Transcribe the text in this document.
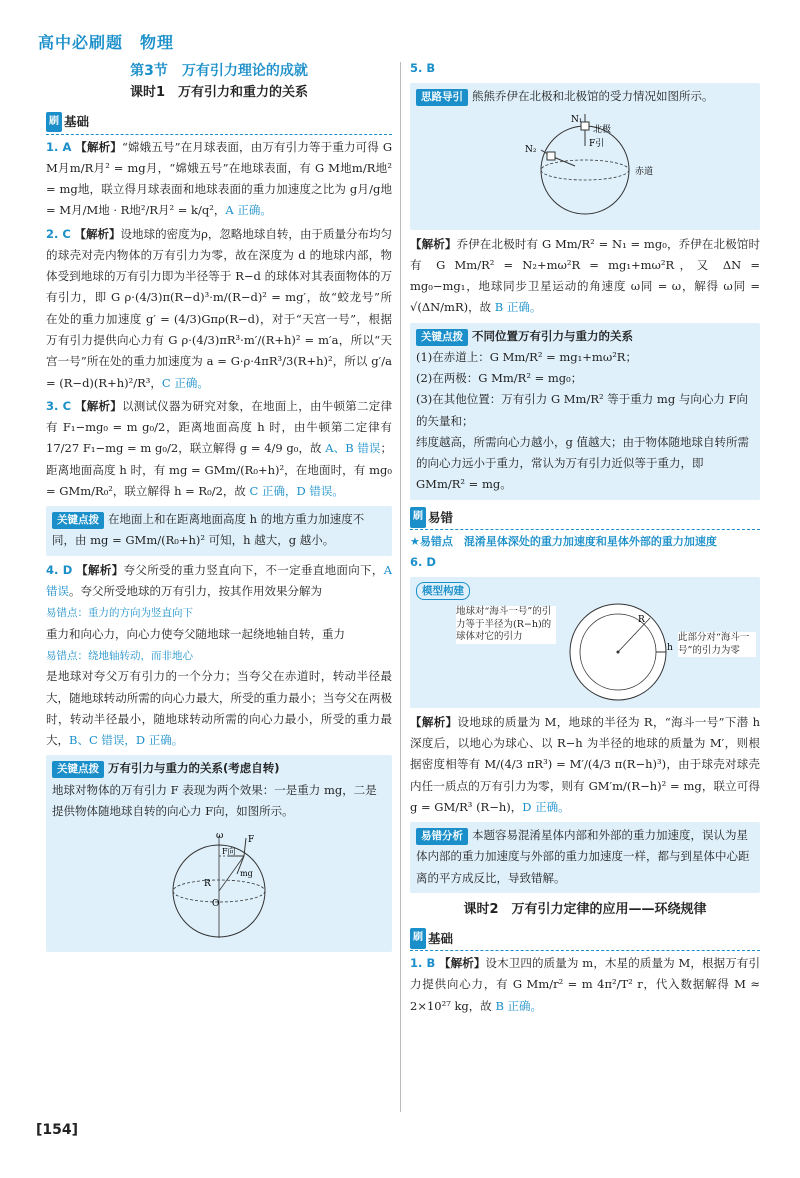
高中必刷题　物理
第3节　万有引力理论的成就
课时1　万有引力和重力的关系
刷 基础
1. A 【解析】“嫦娥五号”在月球表面，由万有引力等于重力可得 G M月m/R月² = mg月，“嫦娥五号”在地球表面，有 G M地m/R地² = mg地，联立得月球表面和地球表面的重力加速度之比为 g月/g地 = M月/M地 · R地²/R月² = k/q²，A 正确。
2. C 【解析】设地球的密度为ρ，忽略地球自转，由于质量分布均匀的球壳对壳内物体的万有引力为零，故在深度为 d 的地球内部，物体受到地球的万有引力即为半径等于 R−d 的球体对其表面物体的万有引力，即 G ρ·(4/3)π(R−d)³·m/(R−d)² = mg′，故“蛟龙号”所在处的重力加速度 g′ = (4/3)Gπρ(R−d)，对于“天宫一号”，根据万有引力提供向心力有 G ρ·(4/3)πR³·m′/(R+h)² = m′a，所以“天宫一号”所在处的重力加速度为 a = G·ρ·4πR³/3(R+h)²，所以 g′/a = (R−d)(R+h)²/R³，C 正确。
3. C 【解析】以测试仪器为研究对象，在地面上，由牛顿第二定律有 F₁−mg₀ = m g₀/2，距离地面高度 h 时，由牛顿第二定律有 17/27 F₁−mg = m g₀/2，联立解得 g = 4/9 g₀，故 A、B 错误；距离地面高度 h 时，有 mg = GMm/(R₀+h)²，在地面时，有 mg₀ = GMm/R₀²，联立解得 h = R₀/2，故 C 正确，D 错误。
关键点拨 在地面上和在距离地面高度 h 的地方重力加速度不同，由 mg = GMm/(R₀+h)² 可知，h 越大，g 越小。
4. D 【解析】夸父所受的重力竖直向下，不一定垂直地面向下，A 错误。夸父所受地球的万有引力，按其作用效果分解为
易错点：重力的方向为竖直向下
重力和向心力，向心力使夸父随地球一起绕地轴自转，重力
易错点：绕地轴转动，而非地心
是地球对夸父万有引力的一个分力；当夸父在赤道时，转动半径最大，随地球转动所需的向心力最大，所受的重力最小；当夸父在两极时，转动半径最小，随地球转动所需的向心力最小，所受的重力最大，B、C 错误，D 正确。
关键点拨 万有引力与重力的关系(考虑自转)
地球对物体的万有引力 F 表现为两个效果：一是重力 mg，二是提供物体随地球自转的向心力 F向，如图所示。
ω	F
F向
mg
R
O
5. B
思路导引 熊熊乔伊在北极和北极馆的受力情况如图所示。
N₁
北极
F引
N₂
赤道
【解析】乔伊在北极时有 G Mm/R² = N₁ = mg₀，乔伊在北极馆时有 G Mm/R² = N₂+mω²R = mg₁+mω²R，又 ΔN = mg₀−mg₁，地球同步卫星运动的角速度 ω同 = ω，解得 ω同 = √(ΔN/mR)，故 B 正确。
关键点拨 不同位置万有引力与重力的关系
(1)在赤道上：G Mm/R² = mg₁+mω²R；
(2)在两极：G Mm/R² = mg₀；
(3)在其他位置：万有引力 G Mm/R² 等于重力 mg 与向心力 F向 的矢量和；
纬度越高，所需向心力越小，g 值越大；由于物体随地球自转所需的向心力远小于重力，常认为万有引力近似等于重力，即 GMm/R² = mg。
刷 易错
★易错点　混淆星体深处的重力加速度和星体外部的重力加速度
6. D
模型构建
地球对“海斗一号”的引力等于半径为(R−h)的球体对它的引力	此部分对“海斗一号”的引力为零
R
h
【解析】设地球的质量为 M，地球的半径为 R，“海斗一号”下潜 h 深度后，以地心为球心、以 R−h 为半径的地球的质量为 M′，则根据密度相等有 M/(4/3 πR³) = M′/(4/3 π(R−h)³)，由于球壳对球壳内任一质点的万有引力为零，则有 GM′m/(R−h)² = mg，联立可得 g = GM/R³ (R−h)，D 正确。
易错分析 本题容易混淆星体内部和外部的重力加速度，误认为星体内部的重力加速度与外部的重力加速度一样，都与到星体中心距离的平方成反比，导致错解。
课时2　万有引力定律的应用——环绕规律
刷 基础
1. B 【解析】设木卫四的质量为 m，木星的质量为 M，根据万有引力提供向心力，有 G Mm/r² = m 4π²/T² r，代入数据解得 M ≈ 2×10²⁷ kg，故 B 正确。
[154]
